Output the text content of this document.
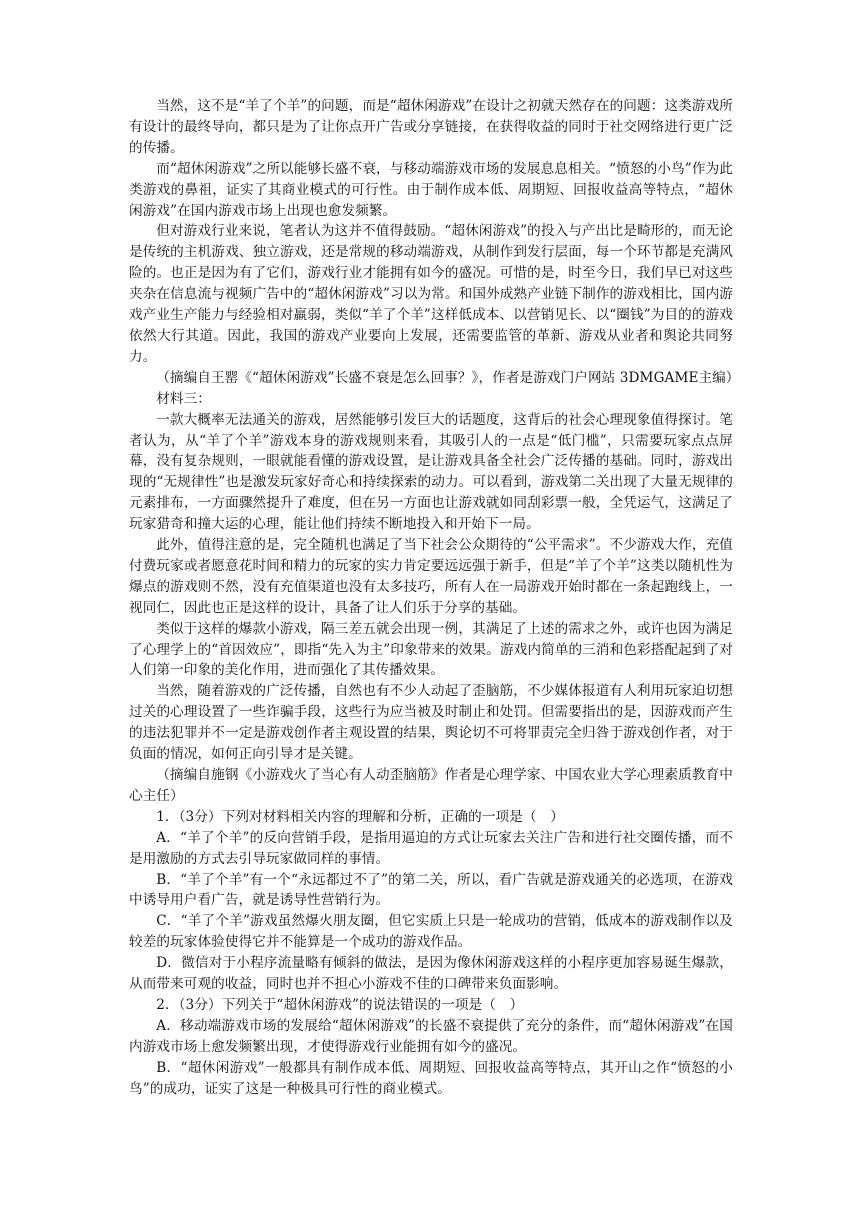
当然，这不是“羊了个羊”的问题，而是“超休闲游戏”在设计之初就天然存在的问题：这类游戏所有设计的最终导向，都只是为了让你点开广告或分享链接，在获得收益的同时于社交网络进行更广泛的传播。

而“超休闲游戏”之所以能够长盛不衰，与移动端游戏市场的发展息息相关。“愤怒的小鸟”作为此类游戏的鼻祖，证实了其商业模式的可行性。由于制作成本低、周期短、回报收益高等特点，“超休闲游戏”在国内游戏市场上出现也愈发频繁。

但对游戏行业来说，笔者认为这并不值得鼓励。“超休闲游戏”的投入与产出比是畸形的，而无论是传统的主机游戏、独立游戏，还是常规的移动端游戏，从制作到发行层面，每一个环节都是充满风险的。也正是因为有了它们，游戏行业才能拥有如今的盛况。可惜的是，时至今日，我们早已对这些夹杂在信息流与视频广告中的“超休闲游戏”习以为常。和国外成熟产业链下制作的游戏相比，国内游戏产业生产能力与经验相对羸弱，类似“羊了个羊”这样低成本、以营销见长、以“圈钱”为目的的游戏依然大行其道。因此，我国的游戏产业要向上发展，还需要监管的革新、游戏从业者和舆论共同努力。

（摘编自王罂《“超休闲游戏”长盛不衰是怎么回事？》，作者是游戏门户网站 3DMGAME主编）

材料三：

一款大概率无法通关的游戏，居然能够引发巨大的话题度，这背后的社会心理现象值得探讨。笔者认为，从“羊了个羊”游戏本身的游戏规则来看，其吸引人的一点是“低门槛”，只需要玩家点点屏幕，没有复杂规则，一眼就能看懂的游戏设置，是让游戏具备全社会广泛传播的基础。同时，游戏出现的“无规律性”也是激发玩家好奇心和持续探索的动力。可以看到，游戏第二关出现了大量无规律的元素排布，一方面骤然提升了难度，但在另一方面也让游戏就如同刮彩票一般，全凭运气，这满足了玩家猎奇和撞大运的心理，能让他们持续不断地投入和开始下一局。

此外，值得注意的是，完全随机也满足了当下社会公众期待的“公平需求”。不少游戏大作，充值付费玩家或者愿意花时间和精力的玩家的实力肯定要远远强于新手，但是“羊了个羊”这类以随机性为爆点的游戏则不然，没有充值渠道也没有太多技巧，所有人在一局游戏开始时都在一条起跑线上，一视同仁，因此也正是这样的设计，具备了让人们乐于分享的基础。

类似于这样的爆款小游戏，隔三差五就会出现一例，其满足了上述的需求之外，或许也因为满足了心理学上的“首因效应”，即指“先入为主”印象带来的效果。游戏内简单的三消和色彩搭配起到了对人们第一印象的美化作用，进而强化了其传播效果。

当然，随着游戏的广泛传播，自然也有不少人动起了歪脑筋，不少媒体报道有人利用玩家迫切想过关的心理设置了一些诈骗手段，这些行为应当被及时制止和处罚。但需要指出的是，因游戏而产生的违法犯罪并不一定是游戏创作者主观设置的结果，舆论切不可将罪责完全归咎于游戏创作者，对于负面的情况，如何正向引导才是关键。

（摘编自施钢《小游戏火了当心有人动歪脑筋》作者是心理学家、中国农业大学心理素质教育中心主任）

1．（3分）下列对材料相关内容的理解和分析，正确的一项是（　）

A．“羊了个羊”的反向营销手段，是指用逼迫的方式让玩家去关注广告和进行社交圈传播，而不是用激励的方式去引导玩家做同样的事情。

B．“羊了个羊”有一个“永远都过不了”的第二关，所以，看广告就是游戏通关的必选项，在游戏中诱导用户看广告，就是诱导性营销行为。

C．“羊了个羊”游戏虽然爆火朋友圈，但它实质上只是一轮成功的营销，低成本的游戏制作以及较差的玩家体验使得它并不能算是一个成功的游戏作品。

D．微信对于小程序流量略有倾斜的做法，是因为像休闲游戏这样的小程序更加容易诞生爆款，从而带来可观的收益，同时也并不担心小游戏不佳的口碑带来负面影响。

2．（3分）下列关于“超休闲游戏”的说法错误的一项是（　）

A．移动端游戏市场的发展给“超休闲游戏”的长盛不衰提供了充分的条件，而“超休闲游戏”在国内游戏市场上愈发频繁出现，才使得游戏行业能拥有如今的盛况。

B．“超休闲游戏”一般都具有制作成本低、周期短、回报收益高等特点，其开山之作“愤怒的小鸟”的成功，证实了这是一种极具可行性的商业模式。
